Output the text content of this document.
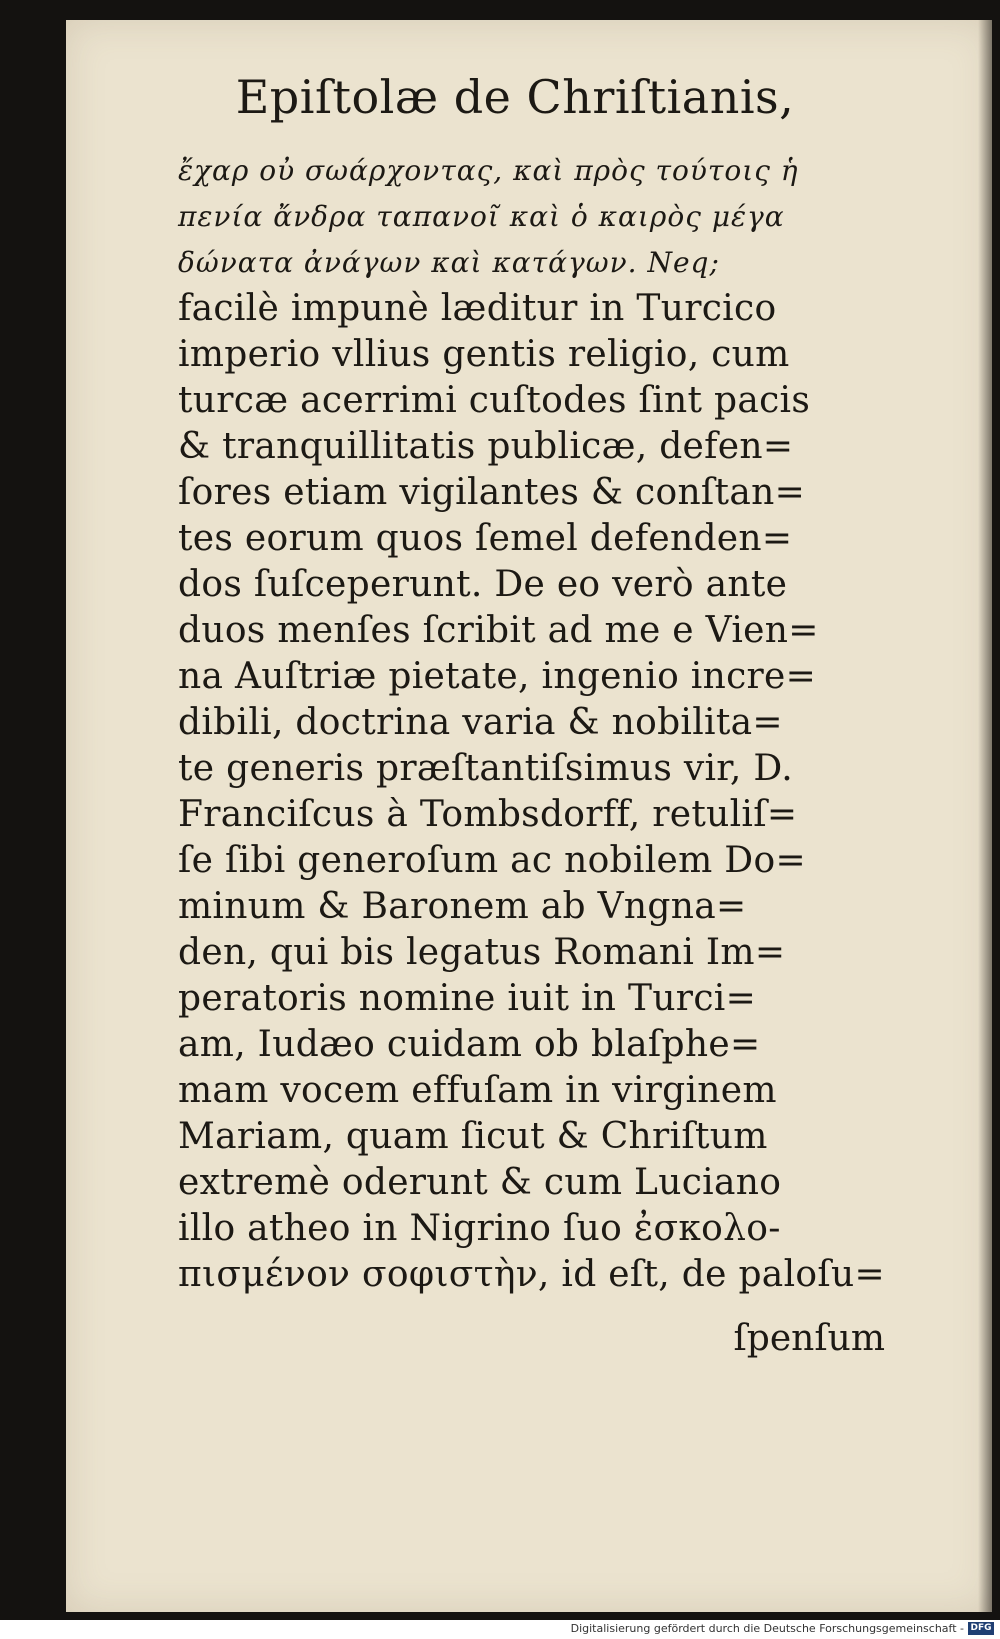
Epiſtolæ de Chriſtianis,
ἔχαρ οὐ σωάρχοντας, καὶ πρὸς τούτοις ἡ
πενία ἄνδρα ταπανοῖ καὶ ὁ καιρὸς μέγα
δώνατα ἀνάγων καὶ κατάγων. Neq;
facilè impunè læditur in Turcico
imperio vllius gentis religio, cum
turcæ acerrimi cuſtodes ſint pacis
& tranquillitatis publicæ, defen=
ſores etiam vigilantes & conſtan=
tes eorum quos ſemel defenden=
dos ſuſceperunt. De eo verò ante
duos menſes ſcribit ad me e Vien=
na Auſtriæ pietate, ingenio incre=
dibili, doctrina varia & nobilita=
te generis præſtantiſsimus vir, D.
Franciſcus à Tombsdorff, retuliſ=
ſe ſibi generoſum ac nobilem Do=
minum & Baronem ab Vngna=
den, qui bis legatus Romani Im=
peratoris nomine iuit in Turci=
am, Iudæo cuidam ob blaſphe=
mam vocem effuſam in virginem
Mariam, quam ſicut & Chriſtum
extremè oderunt & cum Luciano
illo atheo in Nigrino ſuo ἐσκολο-
πισμένον σοφιστὴν, id eſt, de paloſu=
ſpenſum
Digitalisierung gefördert durch die Deutsche Forschungsgemeinschaft - DFG
